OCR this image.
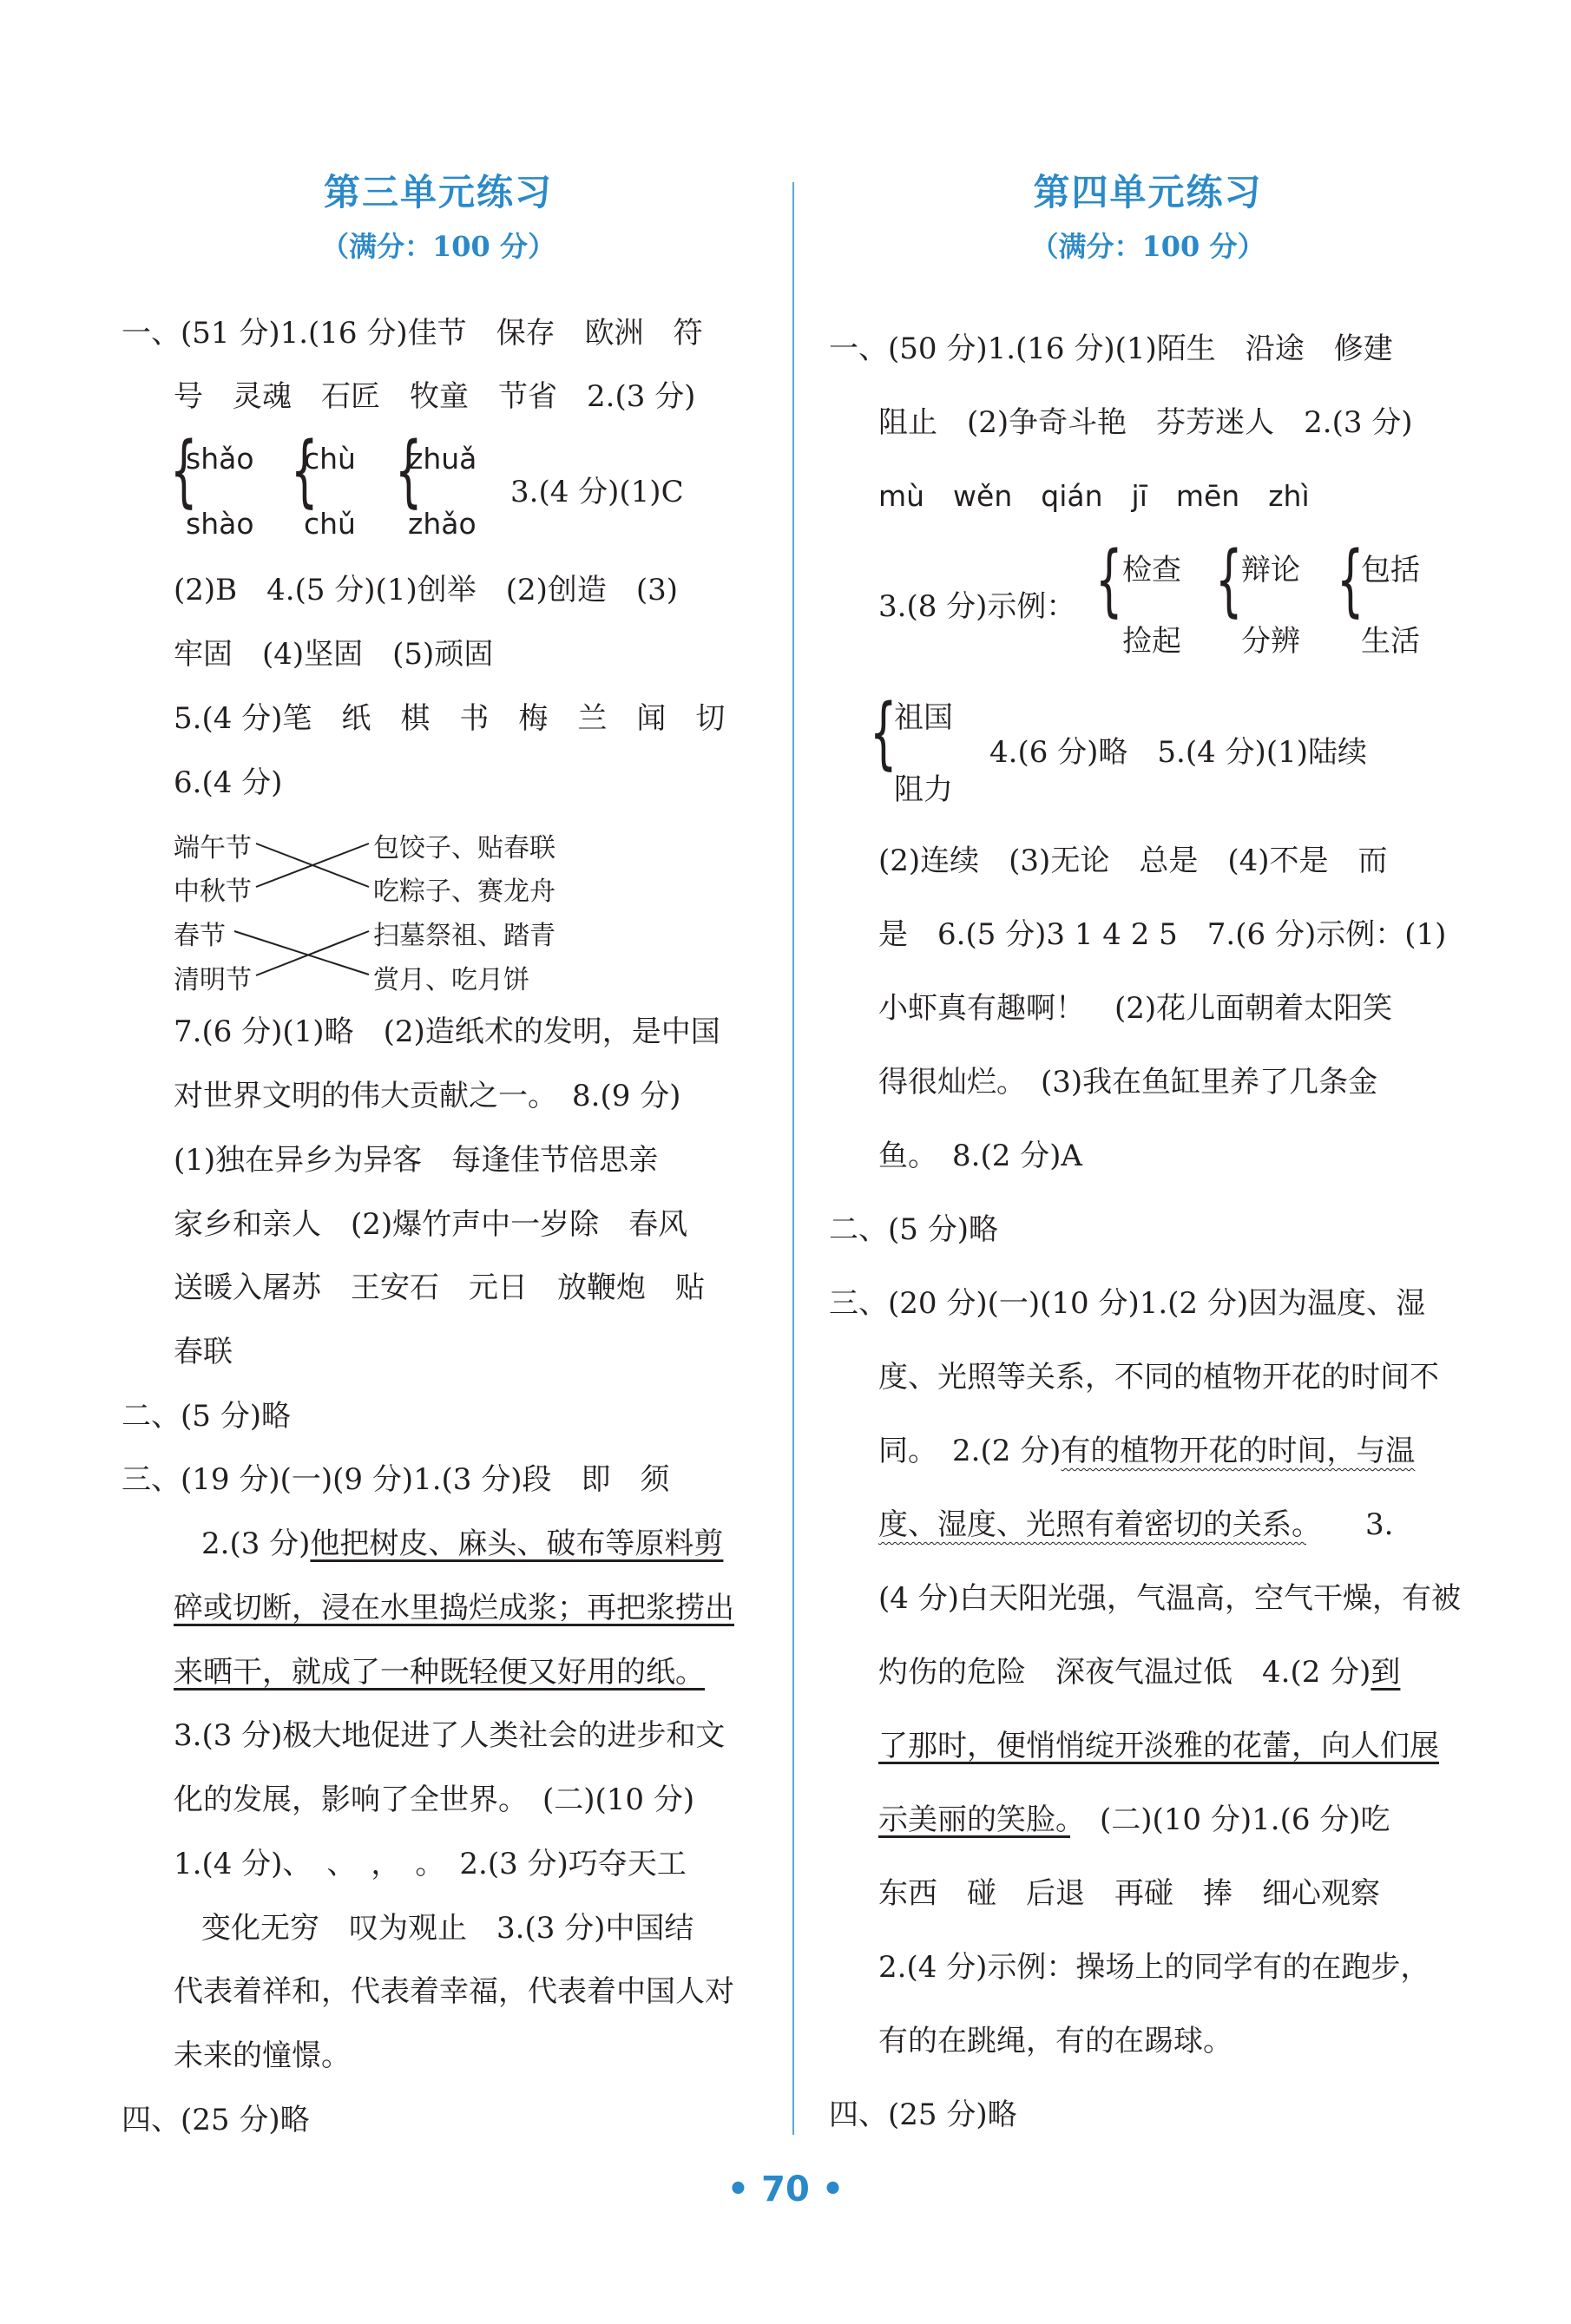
第三单元练习
（满分：100 分）
一、(51 分)1.(16 分)佳节　保存　欧洲　符
号　灵魂　石匠　牧童　节省　2.(3 分)
{
shǎo
shào
{
chù
chǔ
{
zhuǎ
zhǎo
3.(4 分)(1)C
(2)B　4.(5 分)(1)创举　(2)创造　(3)
牢固　(4)坚固　(5)顽固
5.(4 分)笔　纸　棋　书　梅　兰　闻　切
6.(4 分)
端午节
中秋节
春节
清明节
包饺子、贴春联
吃粽子、赛龙舟
扫墓祭祖、踏青
赏月、吃月饼
7.(6 分)(1)略　(2)造纸术的发明，是中国
对世界文明的伟大贡献之一。　8.(9 分)
(1)独在异乡为异客　每逢佳节倍思亲
家乡和亲人　(2)爆竹声中一岁除　春风
送暖入屠苏　王安石　元日　放鞭炮　贴
春联
二、(5 分)略
三、(19 分)(一)(9 分)1.(3 分)段　即　须
2.(3 分)他把树皮、麻头、破布等原料剪
碎或切断，浸在水里捣烂成浆；再把浆捞出
来晒干，就成了一种既轻便又好用的纸。
3.(3 分)极大地促进了人类社会的进步和文
化的发展，影响了全世界。　(二)(10 分)
1.(4 分)、　、　，　。　2.(3 分)巧夺天工
变化无穷　叹为观止　3.(3 分)中国结
代表着祥和，代表着幸福，代表着中国人对
未来的憧憬。
四、(25 分)略
第四单元练习
（满分：100 分）
一、(50 分)1.(16 分)(1)陌生　沿途　修建
阻止　(2)争奇斗艳　芬芳迷人　2.(3 分)
mù　wěn　qián　jī　mēn　zhì
3.(8 分)示例： { 检查
捡起
{
辩论
分辨
{
包括
生活
{
祖国
阻力
4.(6 分)略　5.(4 分)(1)陆续
(2)连续　(3)无论　总是　(4)不是　而
是　6.(5 分)3 1 4 2 5　7.(6 分)示例：(1)
小虾真有趣啊！　(2)花儿面朝着太阳笑
得很灿烂。　(3)我在鱼缸里养了几条金
鱼。　8.(2 分)A
二、(5 分)略
三、(20 分)(一)(10 分)1.(2 分)因为温度、湿
度、光照等关系，不同的植物开花的时间不
同。　2.(2 分)有的植物开花的时间，与温
度、湿度、光照有着密切的关系。　　 3.
(4 分)白天阳光强，气温高，空气干燥，有被
灼伤的危险　深夜气温过低　4.(2 分)到
了那时，便悄悄绽开淡雅的花蕾，向人们展
示美丽的笑脸。　 (二)(10 分)1.(6 分)吃
东西　碰　后退　再碰　捧　细心观察
2.(4 分)示例：操场上的同学有的在跑步，
有的在跳绳，有的在踢球。
四、(25 分)略
• 70 •
